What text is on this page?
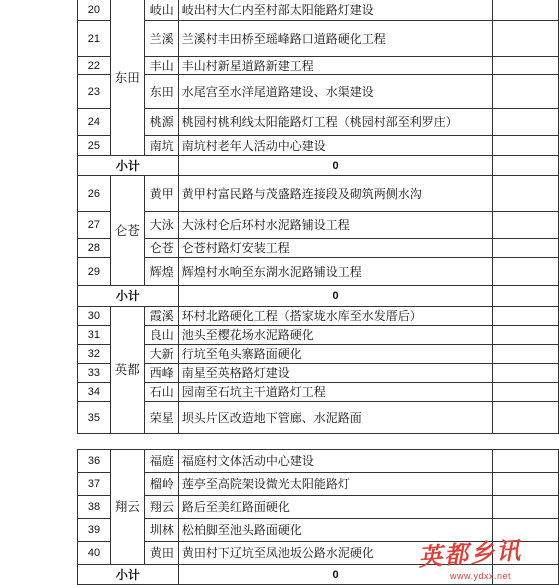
20	东田	岐山	岐出村大仁内至村部太阳能路灯建设	
21		兰溪	兰溪村丰田桥至瑶峰路口道路硬化工程	
22		丰山	丰山村新星道路新建工程	
23		东田	水尾宫至水洋尾道路建设、水渠建设	
24		桃源	桃园村桃利线太阳能路灯工程（桃园村部至利罗庄）	
25		南坑	南坑村老年人活动中心建设	
小计			0	
26	仑苍	黄甲	黄甲村富民路与茂盛路连接段及砌筑两侧水沟	
27		大泳	大泳村仑后环村水泥路铺设工程	
28		仑苍	仑苍村路灯安装工程	
29		辉煌	辉煌村水响至东湖水泥路铺设工程	
小计			0	
30	英都	霞溪	环村北路硬化工程（搭家垅水库至水发厝后）	
31		良山	池头至樱花场水泥路硬化	
32		大新	行坑至龟头寨路面硬化	
33		西峰	南星至英格路灯建设	
34		石山	园南至石坑主干道路灯工程	
35		荣星	坝头片区改造地下管廊、水泥路面	
36	翔云	福庭	福庭村文体活动中心建设	
37		榴岭	莲亭至高院架设微光太阳能路灯	
38		翔云	路后至美红路面硬化	
39		圳林	松柏脚至池头路面硬化	
40		黄田	黄田村下辽坑至凤池坂公路水泥硬化	
小计			0	
英都乡讯
www.ydxx.net
